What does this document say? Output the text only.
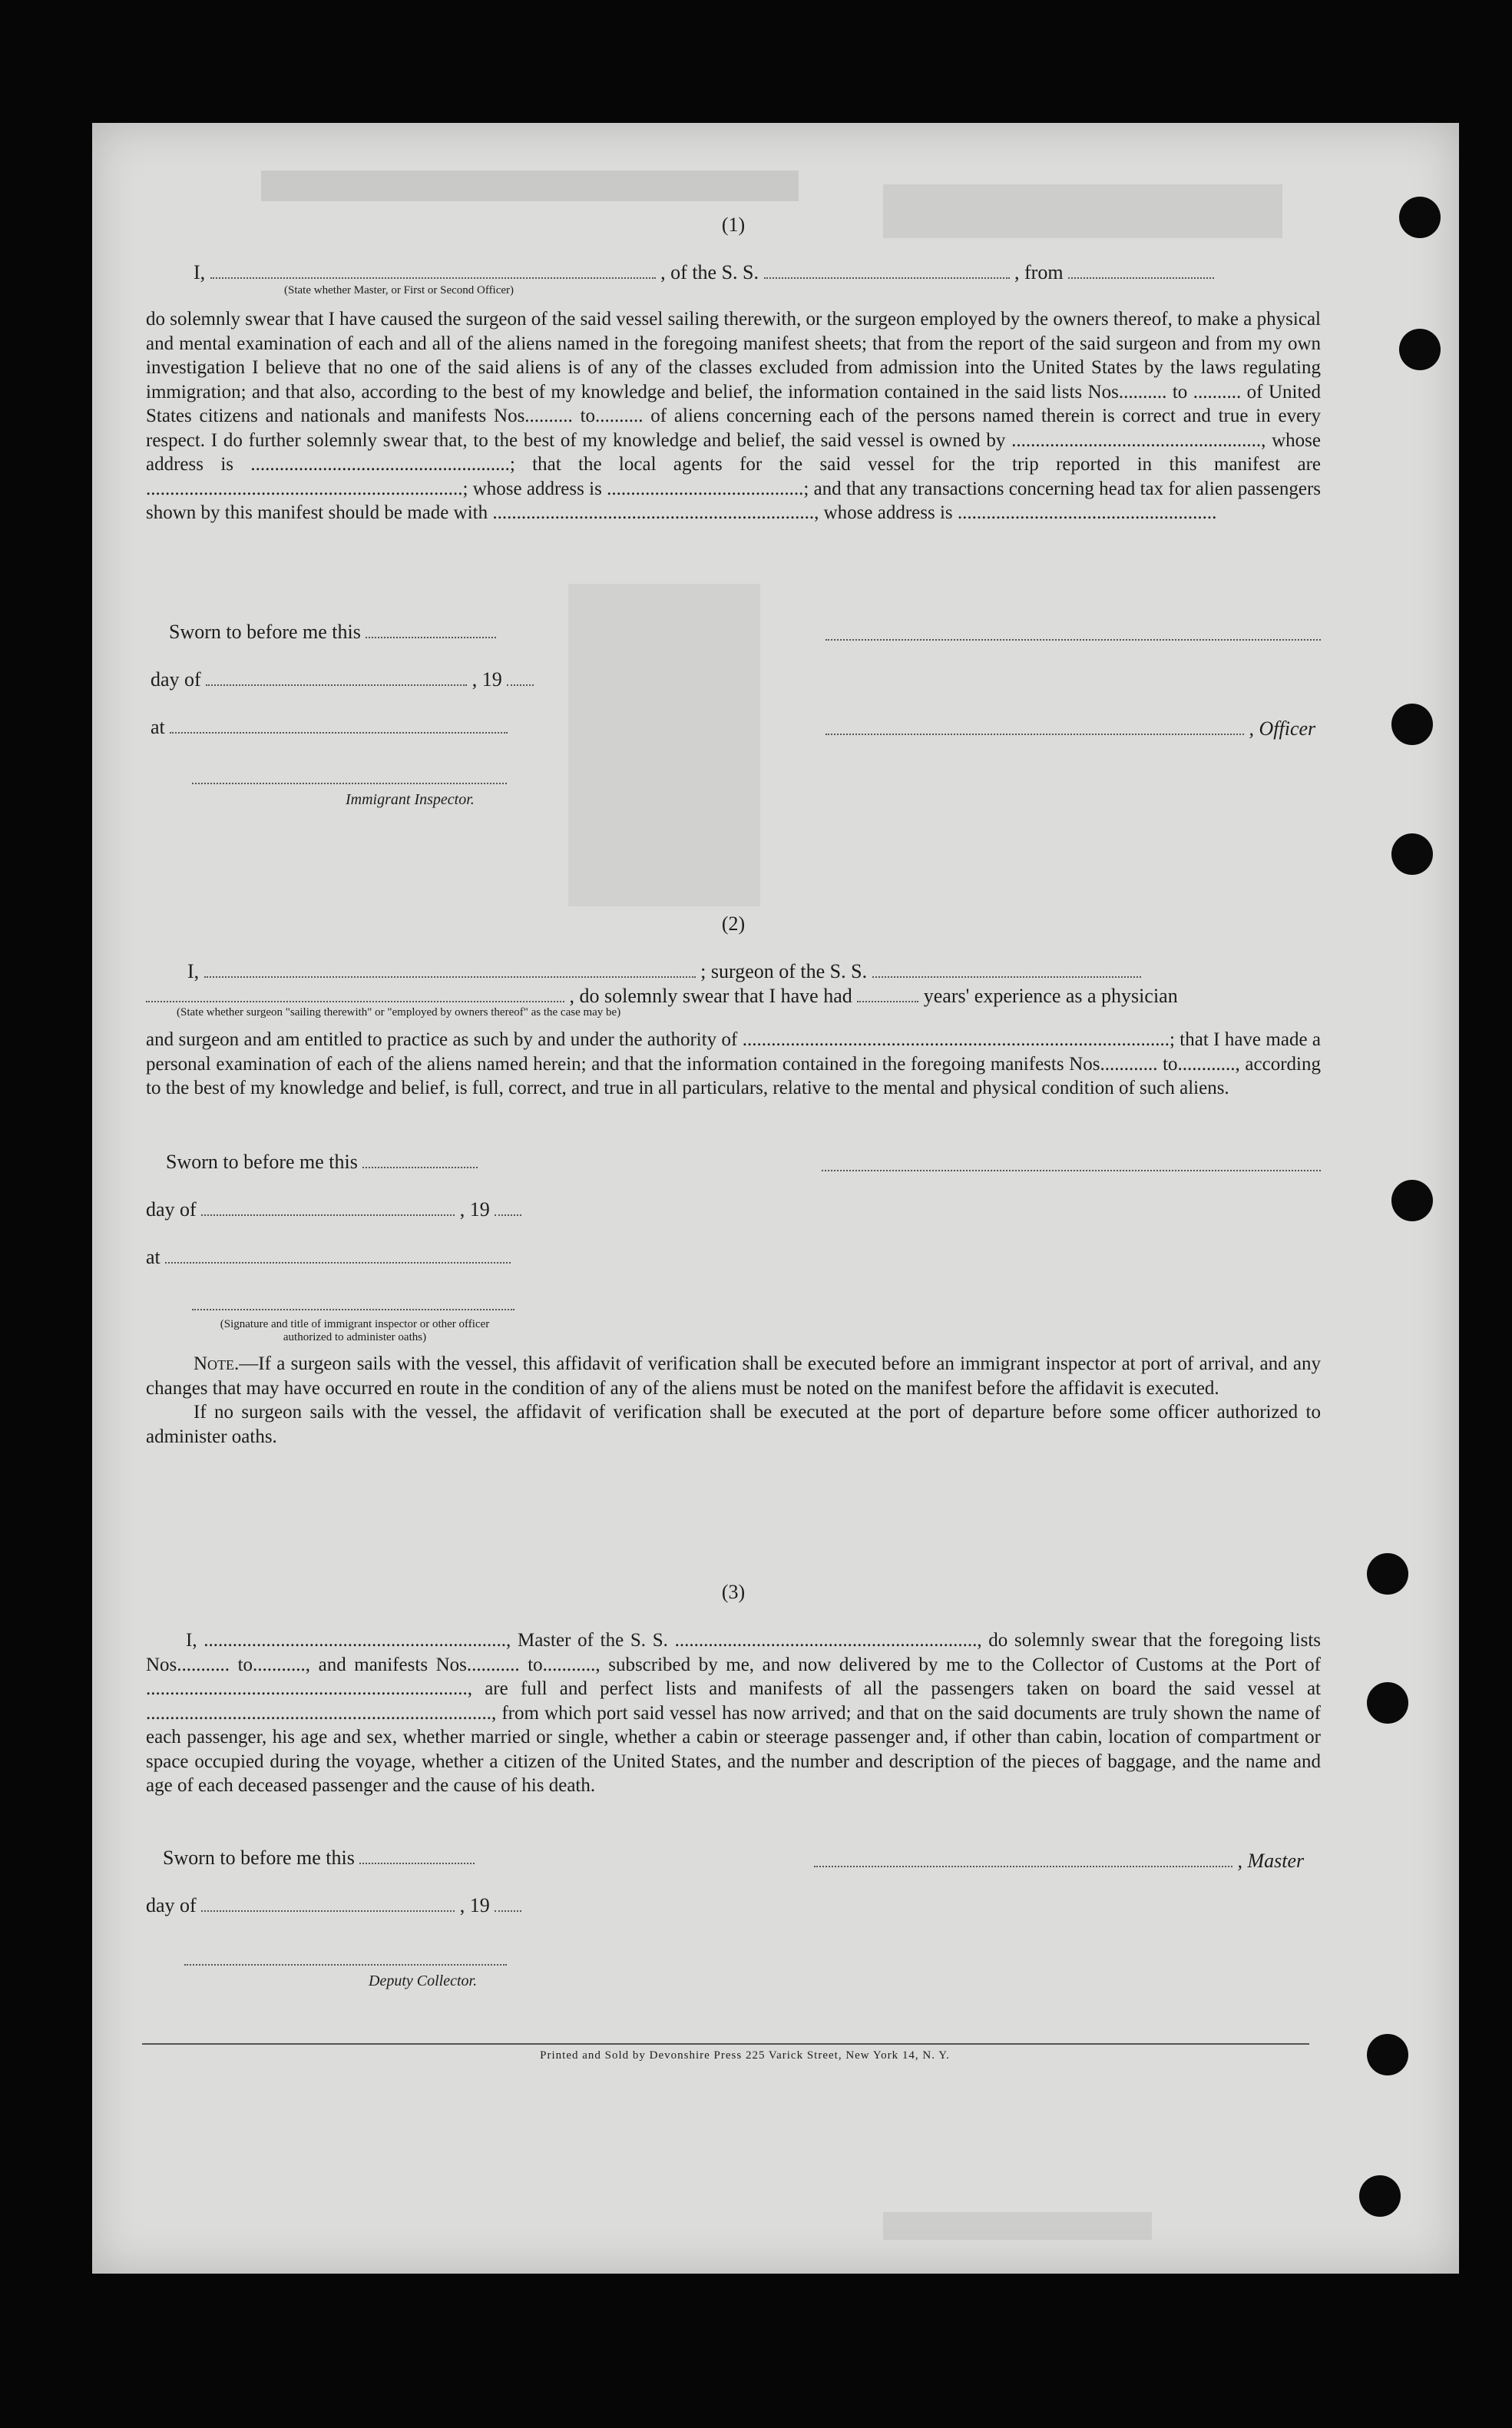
(1)
I,	, of the S. S.	, from
(State whether Master, or First or Second Officer)

do solemnly swear that I have caused the surgeon of the said vessel sailing therewith, or the surgeon employed by the owners thereof, to make a physical and mental examination of each and all of the aliens named in the foregoing manifest sheets; that from the report of the said surgeon and from my own investigation I believe that no one of the said aliens is of any of the classes excluded from admission into the United States by the laws regulating immigration; and that also, according to the best of my knowledge and belief, the information contained in the said lists Nos.......... to .......... of United States citizens and nationals and manifests Nos.......... to.......... of aliens concerning each of the persons named therein is correct and true in every respect. I do further solemnly swear that, to the best of my knowledge and belief, the said vessel is owned by ...................................................., whose address is ......................................................; that the local agents for the said vessel for the trip reported in this manifest are ..................................................................; whose address is .........................................; and that any transactions concerning head tax for alien passengers shown by this manifest should be made with ..................................................................., whose address is ......................................................

Sworn to before me this
day of	, 19
at	, Officer
Immigrant Inspector.
(2)
I,	; surgeon of the S. S.
, do solemnly swear that I have had	years' experience as a physician
(State whether surgeon "sailing therewith" or "employed by owners thereof" as the case may be)

and surgeon and am entitled to practice as such by and under the authority of .........................................................................................; that I have made a personal examination of each of the aliens named herein; and that the information contained in the foregoing manifests Nos............ to............, according to the best of my knowledge and belief, is full, correct, and true in all particulars, relative to the mental and physical condition of such aliens.

Sworn to before me this
day of	, 19
at
(Signature and title of immigrant inspector or other officer authorized to administer oaths)

Note.—If a surgeon sails with the vessel, this affidavit of verification shall be executed before an immigrant inspector at port of arrival, and any changes that may have occurred en route in the condition of any of the aliens must be noted on the manifest before the affidavit is executed.

If no surgeon sails with the vessel, the affidavit of verification shall be executed at the port of departure before some officer authorized to administer oaths.

(3)

I, ..............................................................., Master of the S. S. ..............................................................., do solemnly swear that the foregoing lists Nos........... to..........., and manifests Nos........... to..........., subscribed by me, and now delivered by me to the Collector of Customs at the Port of ..................................................................., are full and perfect lists and manifests of all the passengers taken on board the said vessel at ........................................................................, from which port said vessel has now arrived; and that on the said documents are truly shown the name of each passenger, his age and sex, whether married or single, whether a cabin or steerage passenger and, if other than cabin, location of compartment or space occupied during the voyage, whether a citizen of the United States, and the number and description of the pieces of baggage, and the name and age of each deceased passenger and the cause of his death.

Sworn to before me this	, Master
day of	, 19
Deputy Collector.
Printed and Sold by Devonshire Press 225 Varick Street, New York 14, N. Y.
